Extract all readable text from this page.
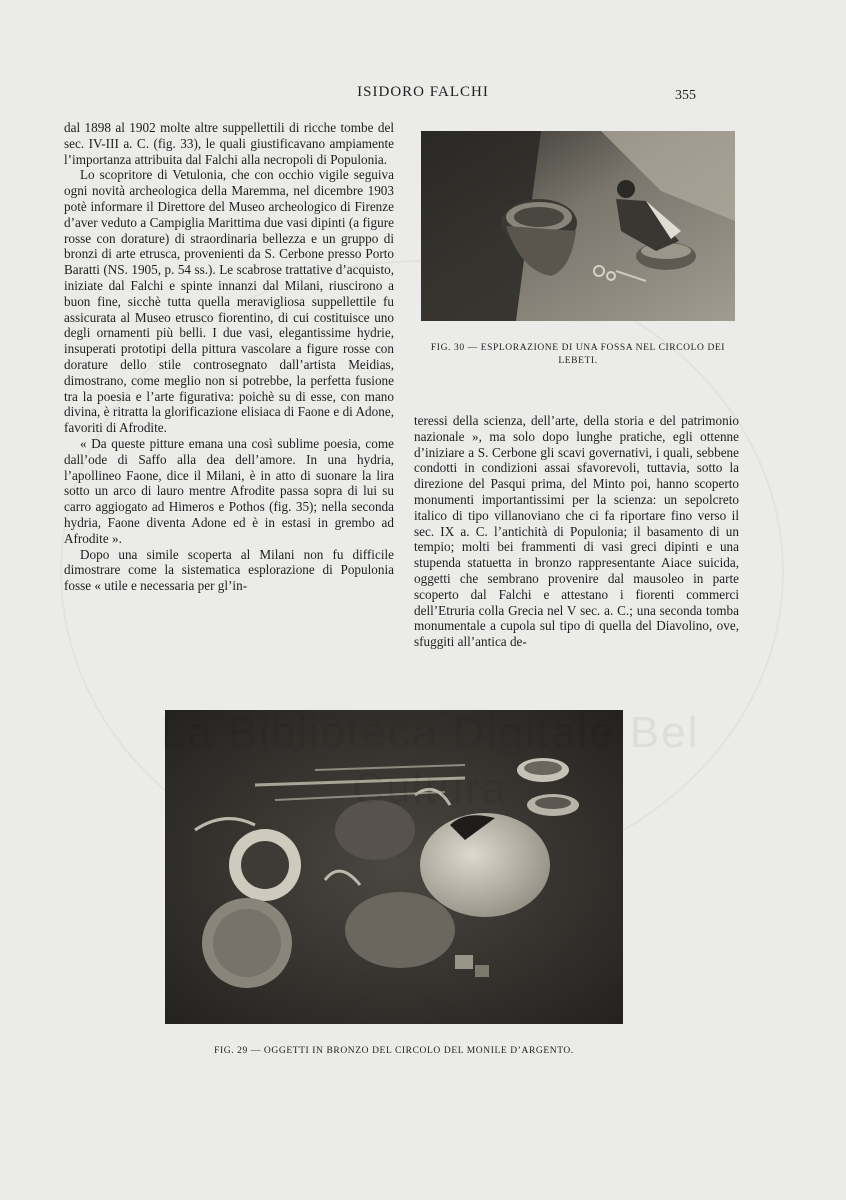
ISIDORO FALCHI	355

dal 1898 al 1902 molte altre suppellettili di ricche tombe del sec. IV-III a. C. (fig. 33), le quali giustificavano ampiamente l’importanza attribuita dal Falchi alla necropoli di Populonia.

Lo scopritore di Vetulonia, che con occhio vigile seguiva ogni novità archeologica della Maremma, nel dicembre 1903 potè informare il Direttore del Museo archeologico di Firenze d’aver veduto a Campiglia Marittima due vasi dipinti (a figure rosse con dorature) di straordinaria bellezza e un gruppo di bronzi di arte etrusca, provenienti da S. Cerbone presso Porto Baratti (NS. 1905, p. 54 ss.). Le scabrose trattative d’acquisto, iniziate dal Falchi e spinte innanzi dal Milani, riuscirono a buon fine, sicchè tutta quella meravigliosa suppellettile fu assicurata al Museo etrusco fiorentino, di cui costituisce uno degli ornamenti più belli. I due vasi, elegantissime hydrie, insuperati prototipi della pittura vascolare a figure rosse con dorature dello stile controsegnato dall’artista Meidias, dimostrano, come meglio non si potrebbe, la perfetta fusione tra la poesia e l’arte figurativa: poichè su di esse, con mano divina, è ritratta la glorificazione elisiaca di Faone e di Adone, favoriti di Afrodite.

« Da queste pitture emana una così sublime poesia, come dall’ode di Saffo alla dea dell’amore. In una hydria, l’apollineo Faone, dice il Milani, è in atto di suonare la lira sotto un arco di lauro mentre Afrodite passa sopra di lui su carro aggiogato ad Himeros e Pothos (fig. 35); nella seconda hydria, Faone diventa Adone ed è in estasi in grembo ad Afrodite ».

Dopo una simile scoperta al Milani non fu difficile dimostrare come la sistematica esplorazione di Populonia fosse « utile e necessaria per gl’in-

FIG. 30 — ESPLORAZIONE DI UNA FOSSA NEL CIRCOLO DEI LEBETI.

teressi della scienza, dell’arte, della storia e del patrimonio nazionale », ma solo dopo lunghe pratiche, egli ottenne d’iniziare a S. Cerbone gli scavi governativi, i quali, sebbene condotti in condizioni assai sfavorevoli, tuttavia, sotto la direzione del Pasqui prima, del Minto poi, hanno scoperto monumenti importantissimi per la scienza: un sepolcreto italico di tipo villanoviano che ci fa riportare fino verso il sec. IX a. C. l’antichità di Populonia; il basamento di un tempio; molti bei frammenti di vasi greci dipinti e una stupenda statuetta in bronzo rappresentante Aiace suicida, oggetti che sembrano provenire dal mausoleo in parte scoperto dal Falchi e attestano i fiorenti commerci dell’Etruria colla Grecia nel V sec. a. C.; una seconda tomba monumentale a cupola sul tipo di quella del Diavolino, ove, sfuggiti all’antica de-

FIG. 29 — OGGETTI IN BRONZO DEL CIRCOLO DEL MONILE D’ARGENTO.
La Biblioteca Digitale Bel Cultura
